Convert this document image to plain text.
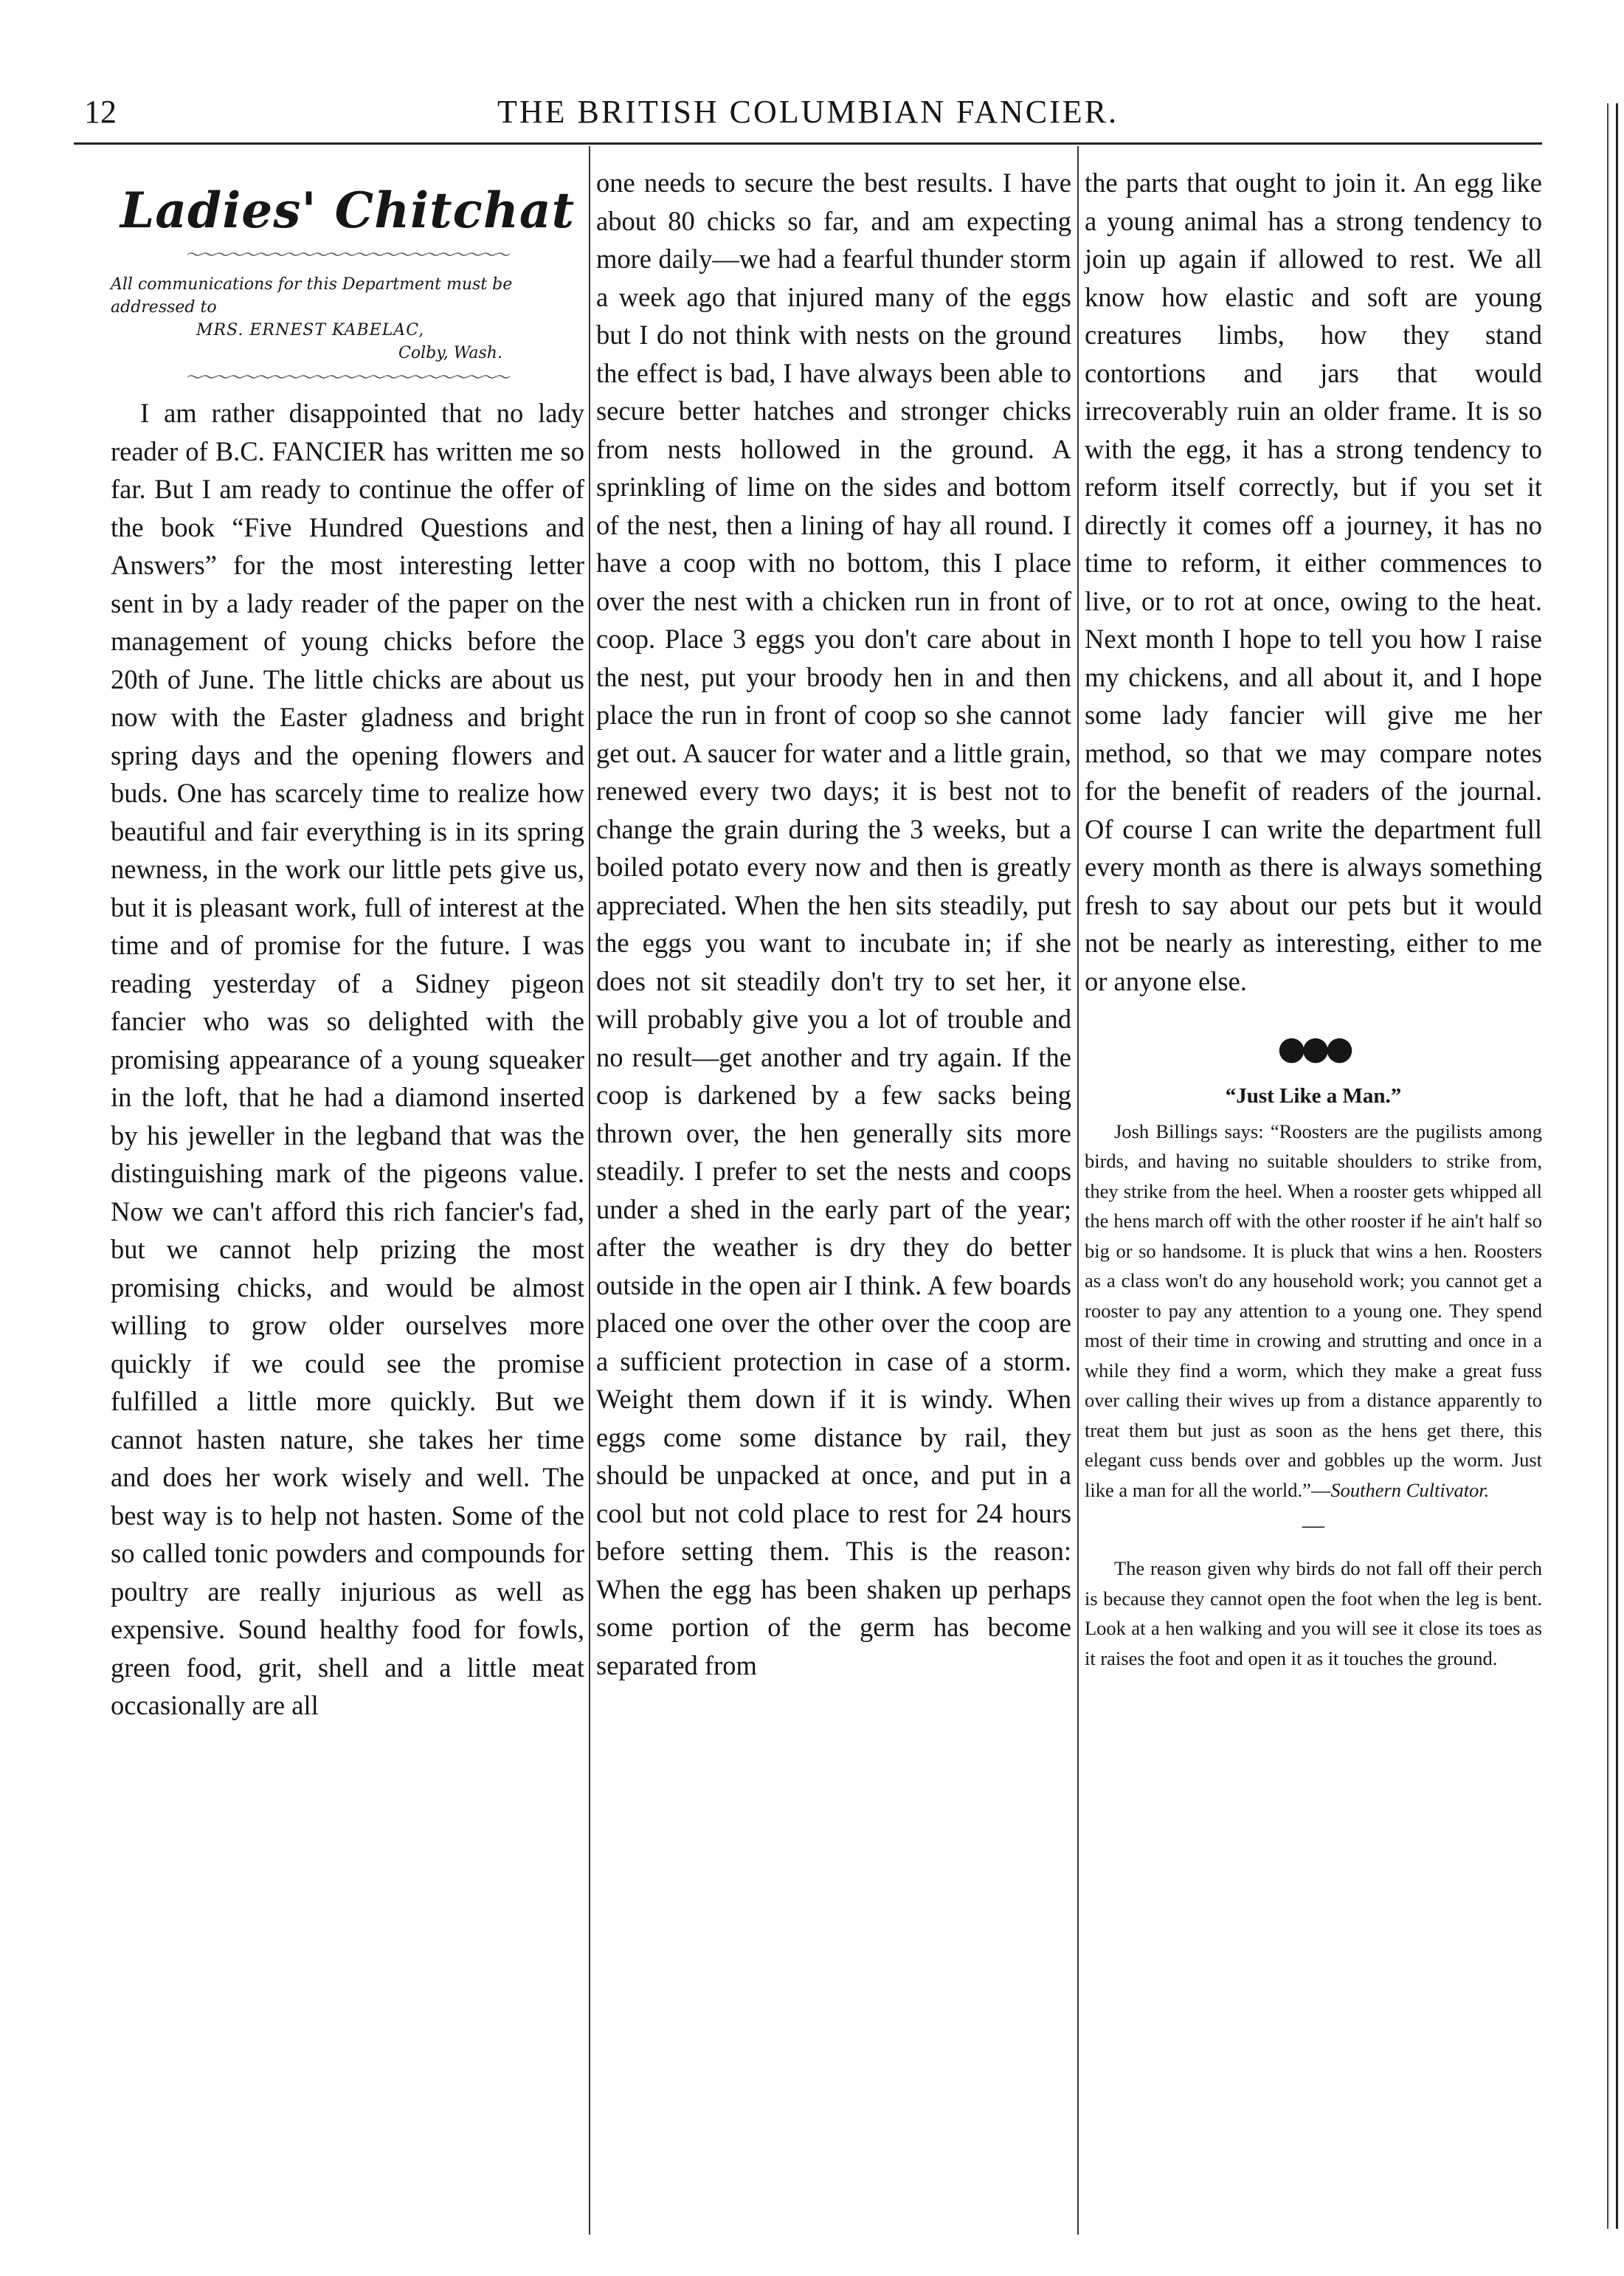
12	THE BRITISH COLUMBIAN FANCIER.
Ladies' Chitchat
〜〜〜〜〜〜〜〜〜〜〜〜〜〜〜〜〜〜〜〜〜〜〜
All communications for this Department must be addressed to
MRS. ERNEST KABELAC,
Colby, Wash.
〜〜〜〜〜〜〜〜〜〜〜〜〜〜〜〜〜〜〜〜〜〜〜

I am rather disappointed that no lady reader of B.C. FANCIER has written me so far. But I am ready to continue the offer of the book “Five Hundred Questions and Answers” for the most interesting letter sent in by a lady reader of the paper on the management of young chicks before the 20th of June. The little chicks are about us now with the Easter gladness and bright spring days and the opening flowers and buds. One has scarcely time to realize how beautiful and fair everything is in its spring newness, in the work our little pets give us, but it is pleasant work, full of interest at the time and of promise for the future. I was reading yesterday of a Sidney pigeon fancier who was so delighted with the promising appearance of a young squeaker in the loft, that he had a diamond inserted by his jeweller in the legband that was the distinguishing mark of the pigeons value. Now we can't afford this rich fancier's fad, but we cannot help prizing the most promising chicks, and would be almost willing to grow older ourselves more quickly if we could see the promise fulfilled a little more quickly. But we cannot hasten nature, she takes her time and does her work wisely and well. The best way is to help not hasten. Some of the so called tonic powders and compounds for poultry are really injurious as well as expensive. Sound healthy food for fowls, green food, grit, shell and a little meat occasionally are all

one needs to secure the best results. I have about 80 chicks so far, and am expecting more daily—we had a fearful thunder storm a week ago that injured many of the eggs but I do not think with nests on the ground the effect is bad, I have always been able to secure better hatches and stronger chicks from nests hollowed in the ground. A sprinkling of lime on the sides and bottom of the nest, then a lining of hay all round. I have a coop with no bottom, this I place over the nest with a chicken run in front of coop. Place 3 eggs you don't care about in the nest, put your broody hen in and then place the run in front of coop so she cannot get out. A saucer for water and a little grain, renewed every two days; it is best not to change the grain during the 3 weeks, but a boiled potato every now and then is greatly appreciated. When the hen sits steadily, put the eggs you want to incubate in; if she does not sit steadily don't try to set her, it will probably give you a lot of trouble and no result—get another and try again. If the coop is darkened by a few sacks being thrown over, the hen generally sits more steadily. I prefer to set the nests and coops under a shed in the early part of the year; after the weather is dry they do better outside in the open air I think. A few boards placed one over the other over the coop are a sufficient protection in case of a storm. Weight them down if it is windy. When eggs come some distance by rail, they should be unpacked at once, and put in a cool but not cold place to rest for 24 hours before setting them. This is the reason: When the egg has been shaken up perhaps some portion of the germ has become separated from

the parts that ought to join it. An egg like a young animal has a strong tendency to join up again if allowed to rest. We all know how elastic and soft are young creatures limbs, how they stand contortions and jars that would irrecoverably ruin an older frame. It is so with the egg, it has a strong tendency to reform itself correctly, but if you set it directly it comes off a journey, it has no time to reform, it either commences to live, or to rot at once, owing to the heat. Next month I hope to tell you how I raise my chickens, and all about it, and I hope some lady fancier will give me her method, so that we may compare notes for the benefit of readers of the journal. Of course I can write the department full every month as there is always something fresh to say about our pets but it would not be nearly as interesting, either to me or anyone else.

●●●
“Just Like a Man.”

Josh Billings says: “Roosters are the pugilists among birds, and having no suitable shoulders to strike from, they strike from the heel. When a rooster gets whipped all the hens march off with the other rooster if he ain't half so big or so handsome. It is pluck that wins a hen. Roosters as a class won't do any household work; you cannot get a rooster to pay any attention to a young one. They spend most of their time in crowing and strutting and once in a while they find a worm, which they make a great fuss over calling their wives up from a distance apparently to treat them but just as soon as the hens get there, this elegant cuss bends over and gobbles up the worm. Just like a man for all the world.”—Southern Cultivator.

—

The reason given why birds do not fall off their perch is because they cannot open the foot when the leg is bent. Look at a hen walking and you will see it close its toes as it raises the foot and open it as it touches the ground.
